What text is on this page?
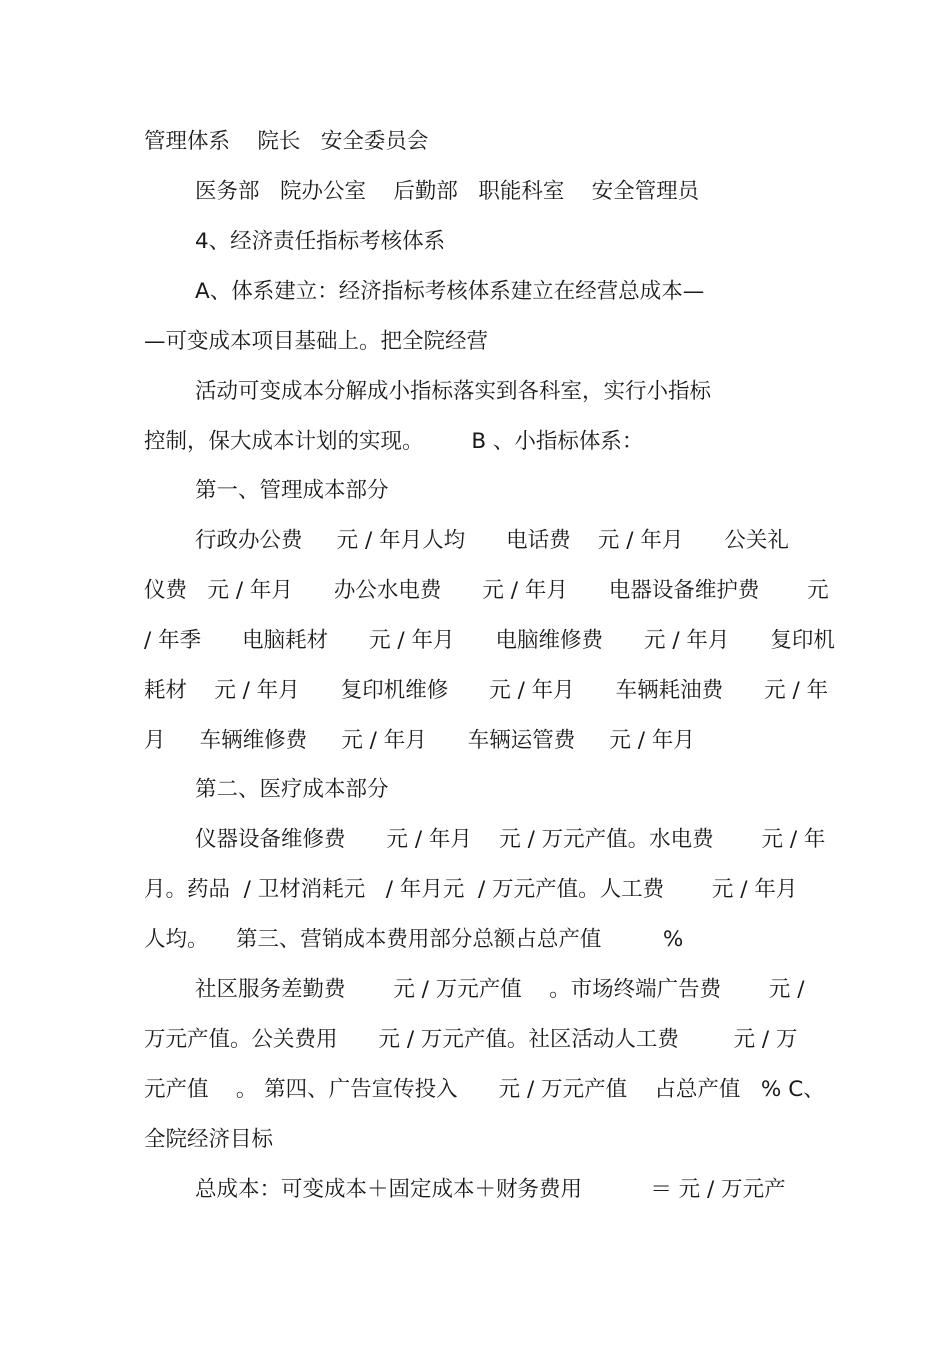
管理体系    院长   安全委员会
医务部   院办公室    后勤部   职能科室    安全管理员
4、经济责任指标考核体系
A、体系建立：经济指标考核体系建立在经营总成本—
—可变成本项目基础上。把全院经营
活动可变成本分解成小指标落实到各科室，实行小指标
控制，保大成本计划的实现。       B 、小指标体系：
第一、管理成本部分
行政办公费     元 / 年月人均      电话费    元 / 年月      公关礼
仪费   元 / 年月      办公水电费      元 / 年月      电器设备维护费       元
/ 年季      电脑耗材      元 / 年月      电脑维修费      元 / 年月      复印机
耗材    元 / 年月      复印机维修      元 / 年月      车辆耗油费      元 / 年
月     车辆维修费     元 / 年月      车辆运管费     元 / 年月
第二、医疗成本部分
仪器设备维修费      元 / 年月    元 / 万元产值。水电费       元 / 年
月。药品  / 卫材消耗元   / 年月元  / 万元产值。人工费       元 / 年月
人均。    第三、营销成本费用部分总额占总产值         %
社区服务差勤费       元 / 万元产值    。市场终端广告费       元 /
万元产值。公关费用      元 / 万元产值。社区活动人工费        元 / 万
元产值    。 第四、广告宣传投入      元 / 万元产值    占总产值   % C、
全院经济目标
总成本：可变成本＋固定成本＋财务费用          ＝ 元 / 万元产
